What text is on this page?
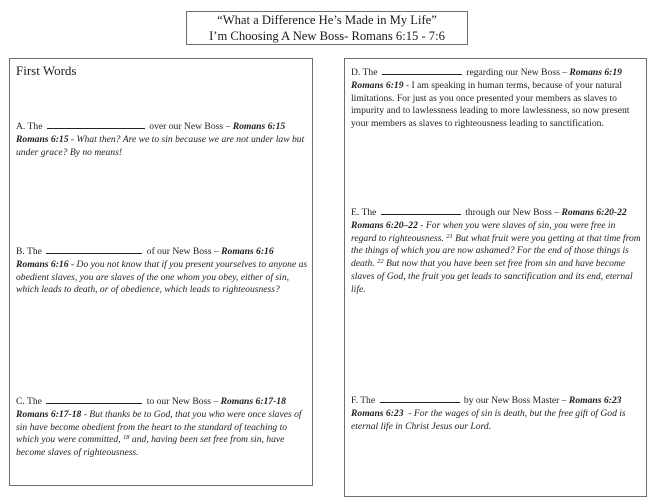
“What a Difference He’s Made in My Life”
I’m Choosing A New Boss- Romans 6:15 - 7:6
First Words
A. The	over our New Boss – Romans 6:15
Romans 6:15 - What then? Are we to sin because we are not under law but under grace? By no means!
B. The	of our New Boss – Romans 6:16
Romans 6:16 - Do you not know that if you present yourselves to anyone as obedient slaves, you are slaves of the one whom you obey, either of sin, which leads to death, or of obedience, which leads to righteousness?
C. The	to our New Boss – Romans 6:17-18
Romans 6:17-18 - But thanks be to God, that you who were once slaves of sin have become obedient from the heart to the standard of teaching to which you were committed, $^{18}$ and, having been set free from sin, have become slaves of righteousness.
D. The	regarding our New Boss – Romans 6:19
Romans 6:19 - I am speaking in human terms, because of your natural limitations. For just as you once presented your members as slaves to impurity and to lawlessness leading to more lawlessness, so now present your members as slaves to righteousness leading to sanctification.
E. The	through our New Boss – Romans 6:20-22
Romans 6:20–22 - For when you were slaves of sin, you were free in regard to righteousness. $^{21}$ But what fruit were you getting at that time from the things of which you are now ashamed? For the end of those things is death. $^{22}$ But now that you have been set free from sin and have become slaves of God, the fruit you get leads to sanctification and its end, eternal life.
F. The	by our New Boss Master – Romans 6:23
Romans 6:23  - For the wages of sin is death, but the free gift of God is eternal life in Christ Jesus our Lord.
